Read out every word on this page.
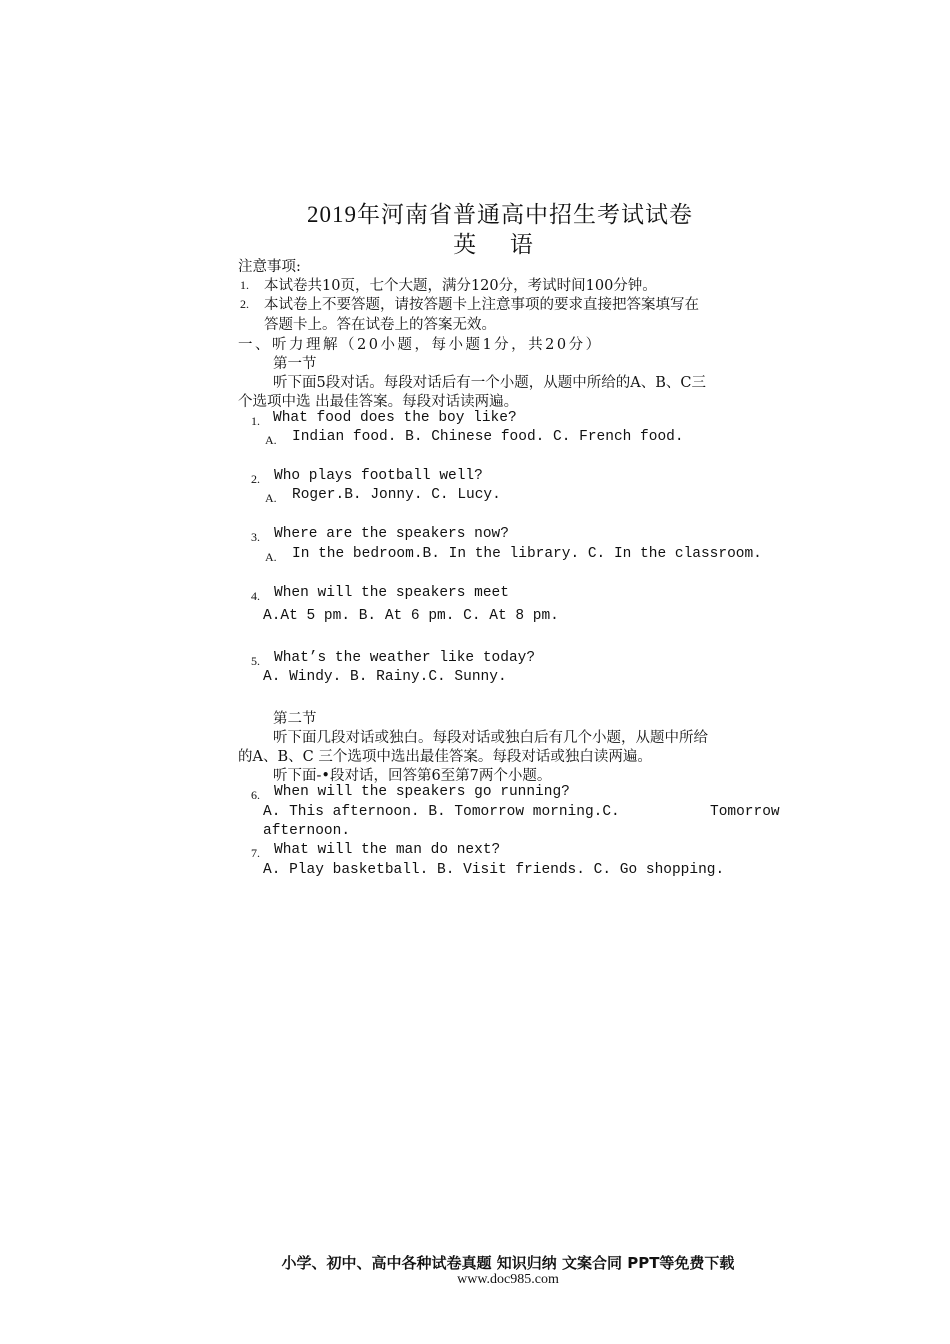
2019年河南省普通高中招生考试试卷
英 语
注意事项:
1. 本试卷共10页，七个大题，满分120分，考试时间100分钟。
2. 本试卷上不要答题，请按答题卡上注意事项的要求直接把答案填写在
答题卡上。答在试卷上的答案无效。
一、听力理解（20小题，每小题1分，共20分）
第一节
听下面5段对话。每段对话后有一个小题，从题中所给的A、B、C三
个选项中选 出最佳答案。每段对话读两遍。
1. What food does the boy like?
A. Indian food. B. Chinese food. C. French food.
2. Who plays football well?
A. Roger.B. Jonny. C. Lucy.
3. Where are the speakers now?
A. In the bedroom.B. In the library. C. In the classroom.
4. When will the speakers meet
A.At 5 pm. B. At 6 pm. C. At 8 pm.
5. What’s the weather like today?
A. Windy. B. Rainy.C. Sunny.
第二节
听下面几段对话或独白。每段对话或独白后有几个小题，从题中所给
的A、B、C 三个选项中选出最佳答案。每段对话或独白读两遍。
听下面-•段对话，回答第6至第7两个小题。
6. When will the speakers go running?
A. This afternoon. B. Tomorrow morning.C.	Tomorrow
afternoon.
7. What will the man do next?
A. Play basketball. B. Visit friends. C. Go shopping.
小学、初中、高中各种试卷真题 知识归纳 文案合同 PPT等免费下载
www.doc985.com
